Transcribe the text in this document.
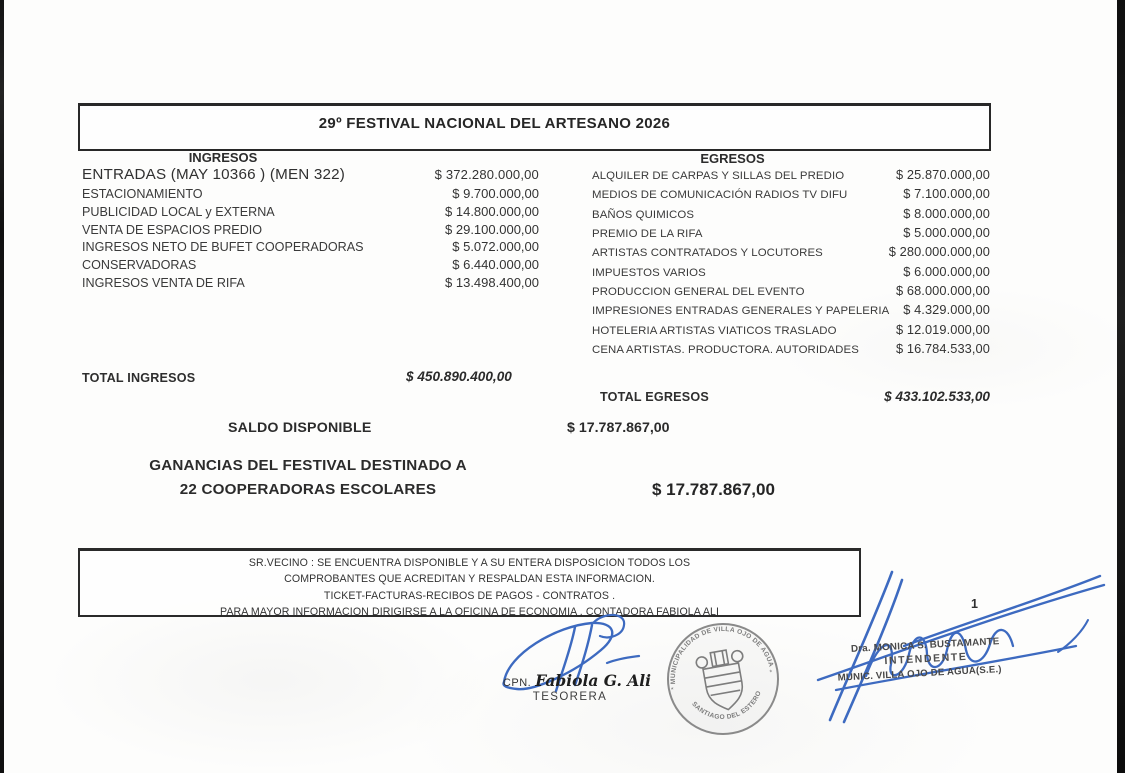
29º FESTIVAL NACIONAL DEL ARTESANO 2026
INGRESOS	EGRESOS
ENTRADAS (MAY 10366 ) (MEN 322)	$ 372.280.000,00
ESTACIONAMIENTO	$ 9.700.000,00
PUBLICIDAD LOCAL y EXTERNA	$ 14.800.000,00
VENTA DE ESPACIOS PREDIO	$ 29.100.000,00
INGRESOS NETO DE BUFET COOPERADORAS	$ 5.072.000,00
CONSERVADORAS	$ 6.440.000,00
INGRESOS VENTA DE RIFA	$ 13.498.400,00
ALQUILER DE CARPAS Y SILLAS DEL PREDIO	$ 25.870.000,00
MEDIOS DE COMUNICACIÓN RADIOS TV DIFU	$ 7.100.000,00
BAÑOS QUIMICOS	$ 8.000.000,00
PREMIO DE LA RIFA	$ 5.000.000,00
ARTISTAS CONTRATADOS Y LOCUTORES	$ 280.000.000,00
IMPUESTOS VARIOS	$ 6.000.000,00
PRODUCCION GENERAL DEL EVENTO	$ 68.000.000,00
IMPRESIONES ENTRADAS GENERALES Y PAPELERIA $ 4.329.000,00
HOTELERIA ARTISTAS VIATICOS TRASLADO	$ 12.019.000,00
CENA ARTISTAS. PRODUCTORA. AUTORIDADES	$ 16.784.533,00
TOTAL INGRESOS	$ 450.890.400,00
TOTAL EGRESOS	$ 433.102.533,00
SALDO DISPONIBLE	$ 17.787.867,00
GANANCIAS DEL FESTIVAL DESTINADO A
22 COOPERADORAS ESCOLARES	$ 17.787.867,00
SR.VECINO : SE ENCUENTRA DISPONIBLE Y A SU ENTERA DISPOSICION TODOS LOS
COMPROBANTES QUE ACREDITAN Y RESPALDAN ESTA INFORMACION.
TICKET-FACTURAS-RECIBOS DE PAGOS - CONTRATOS .
PARA MAYOR INFORMACION DIRIGIRSE A LA OFICINA DE ECONOMIA . CONTADORA FABIOLA ALI
CPN. Fabiola G. Ali
TESORERA
MUNICIPALIDAD DE VILLA OJO DE AGUA
SANTIAGO DEL ESTERO
*
*
1
Dra. MONICA S. BUSTAMANTE
INTENDENTE
MUNIC. VILLA OJO DE AGUA(S.E.)
